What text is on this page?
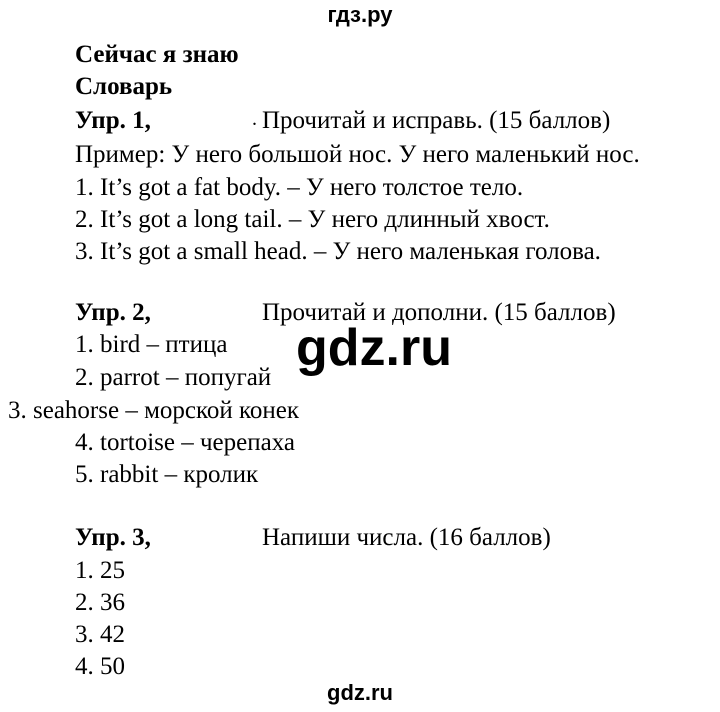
гдз.ру
Сейчас я знаю
Словарь
Упр. 1,	. Прочитай и исправь. (15 баллов)
Пример: У него большой нос. У него маленький нос.
1. It’s got a fat body. – У него толстое тело.
2. It’s got a long tail. – У него длинный хвост.
3. It’s got a small head. – У него маленькая голова.
Упр. 2,	Прочитай и дополни. (15 баллов)
1. bird – птица
2. parrot – попугай
3. seahorse – морской конек
4. tortoise – черепаха
5. rabbit – кролик
gdz.ru
Упр. 3,	Напиши числа. (16 баллов)
1. 25
2. 36
3. 42
4. 50
gdz.ru
